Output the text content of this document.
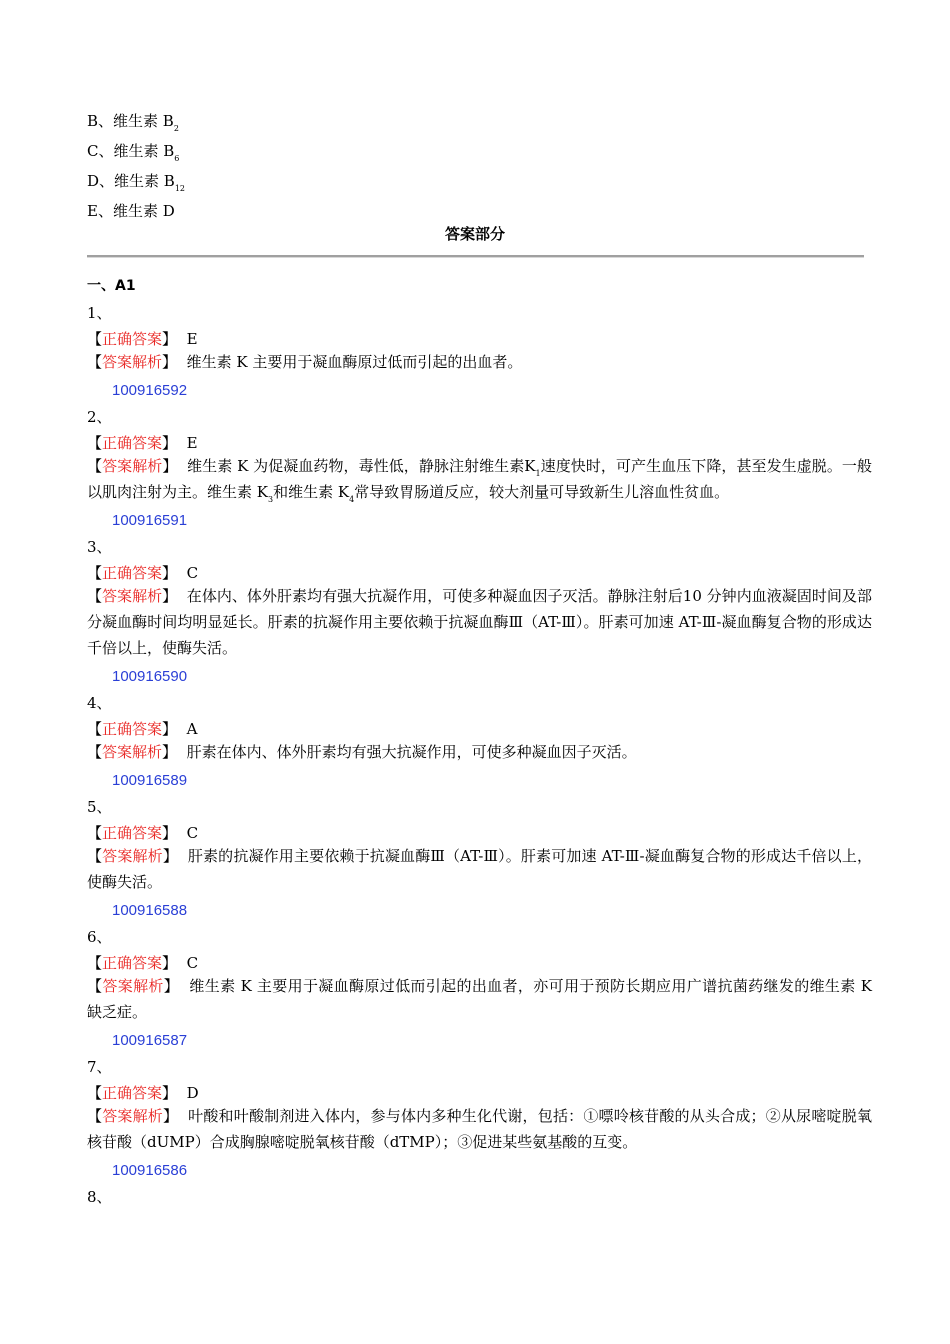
B、维生素 $B_2$
C、维生素 $B_6$
D、维生素 $B_{12}$
E、维生素 D
答案部分
一、A1
1、
【正确答案】 E
【答案解析】 维生素 K 主要用于凝血酶原过低而引起的出血者。
100916592
2、
【正确答案】 E
【答案解析】 维生素 K 为促凝血药物，毒性低，静脉注射维生素$K_1$速度快时，可产生血压下降，甚至发生虚脱。一般以肌肉注射为主。维生素 $K_3$和维生素 $K_4$常导致胃肠道反应，较大剂量可导致新生儿溶血性贫血。
100916591
3、
【正确答案】 C
【答案解析】 在体内、体外肝素均有强大抗凝作用，可使多种凝血因子灭活。静脉注射后10 分钟内血液凝固时间及部分凝血酶时间均明显延长。肝素的抗凝作用主要依赖于抗凝血酶Ⅲ（AT-Ⅲ）。肝素可加速 AT-Ⅲ-凝血酶复合物的形成达千倍以上，使酶失活。
100916590
4、
【正确答案】 A
【答案解析】 肝素在体内、体外肝素均有强大抗凝作用，可使多种凝血因子灭活。
100916589
5、
【正确答案】 C
【答案解析】 肝素的抗凝作用主要依赖于抗凝血酶Ⅲ（AT-Ⅲ）。肝素可加速 AT-Ⅲ-凝血酶复合物的形成达千倍以上，使酶失活。
100916588
6、
【正确答案】 C
【答案解析】 维生素 K 主要用于凝血酶原过低而引起的出血者，亦可用于预防长期应用广谱抗菌药继发的维生素 K 缺乏症。
100916587
7、
【正确答案】 D
【答案解析】 叶酸和叶酸制剂进入体内，参与体内多种生化代谢，包括：①嘌呤核苷酸的从头合成；②从尿嘧啶脱氧核苷酸（dUMP）合成胸腺嘧啶脱氧核苷酸（dTMP）；③促进某些氨基酸的互变。
100916586
8、
